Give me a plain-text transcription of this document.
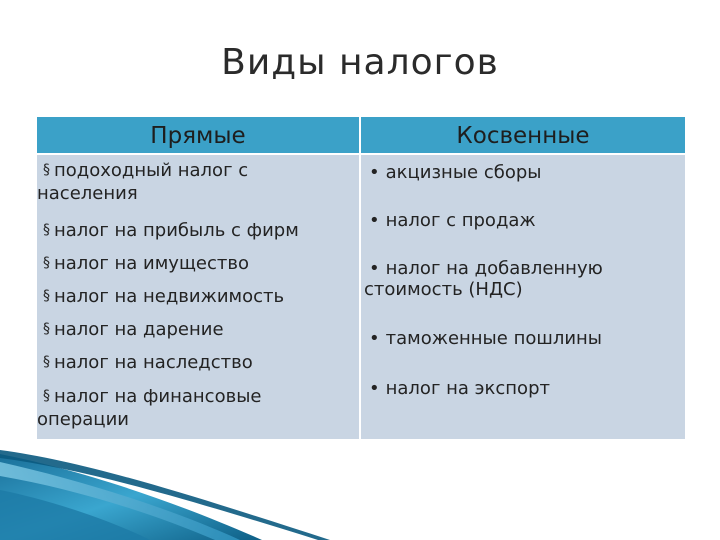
Виды налогов
Прямые	Косвенные
§ подоходный налог с
населения
§ налог на прибыль с фирм
§ налог на имущество
§ налог на недвижимость
§ налог на дарение
§ налог на наследство
§ налог на финансовые
операции
• акцизные сборы
• налог с продаж
• налог на добавленную
стоимость (НДС)
• таможенные пошлины
• налог на экспорт
